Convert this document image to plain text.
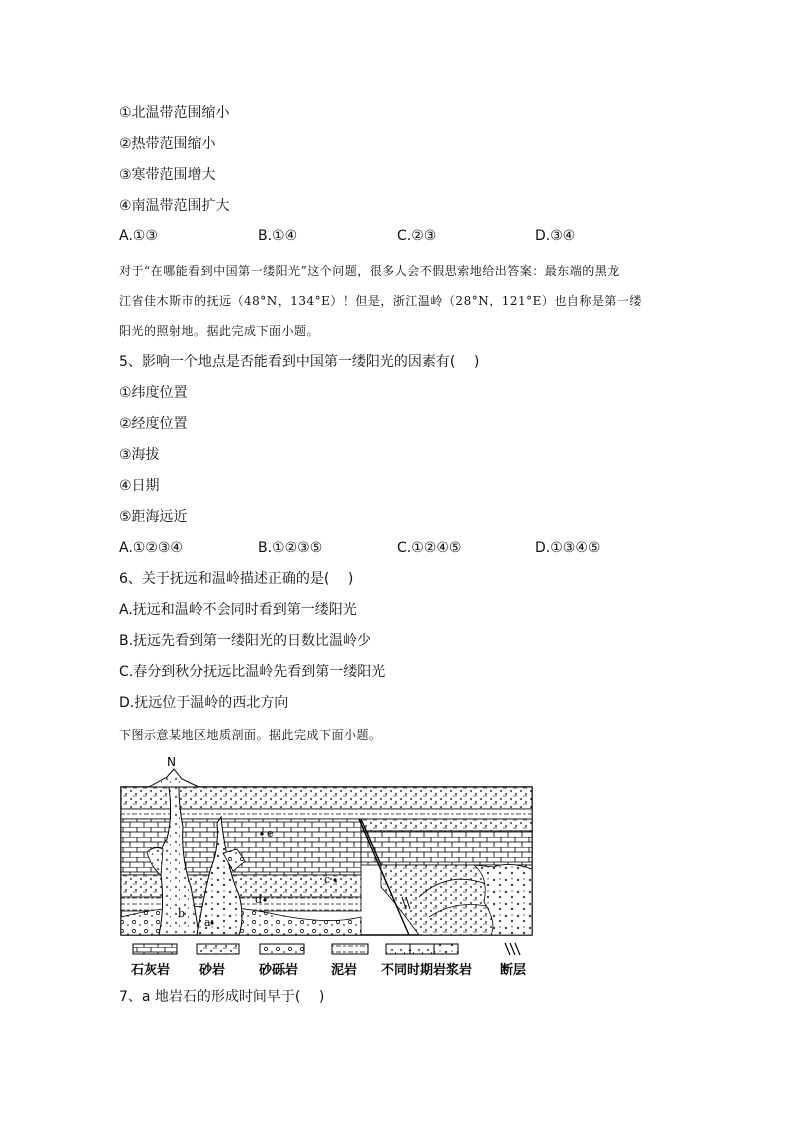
①北温带范围缩小
②热带范围缩小
③寒带范围增大
④南温带范围扩大
A.①③	B.①④	C.②③	D.③④

对于“在哪能看到中国第一缕阳光”这个问题，很多人会不假思索地给出答案：最东端的黑龙

江省佳木斯市的抚远（48°N，134°E）！但是，浙江温岭（28°N，121°E）也自称是第一缕

阳光的照射地。据此完成下面小题。

5、影响一个地点是否能看到中国第一缕阳光的因素有(　 )
①纬度位置
②经度位置
③海拔
④日期
⑤距海远近
A.①②③④	B.①②③⑤	C.①②④⑤	D.①③④⑤
6、关于抚远和温岭描述正确的是(　 )
A.抚远和温岭不会同时看到第一缕阳光
B.抚远先看到第一缕阳光的日数比温岭少
C.春分到秋分抚远比温岭先看到第一缕阳光
D.抚远位于温岭的西北方向

下图示意某地区地质剖面。据此完成下面小题。

N
e
c
d
b
a
石灰岩 砂岩	砂砾岩	泥岩 不同时期岩浆岩 断层
7、a 地岩石的形成时间早于(　 )
